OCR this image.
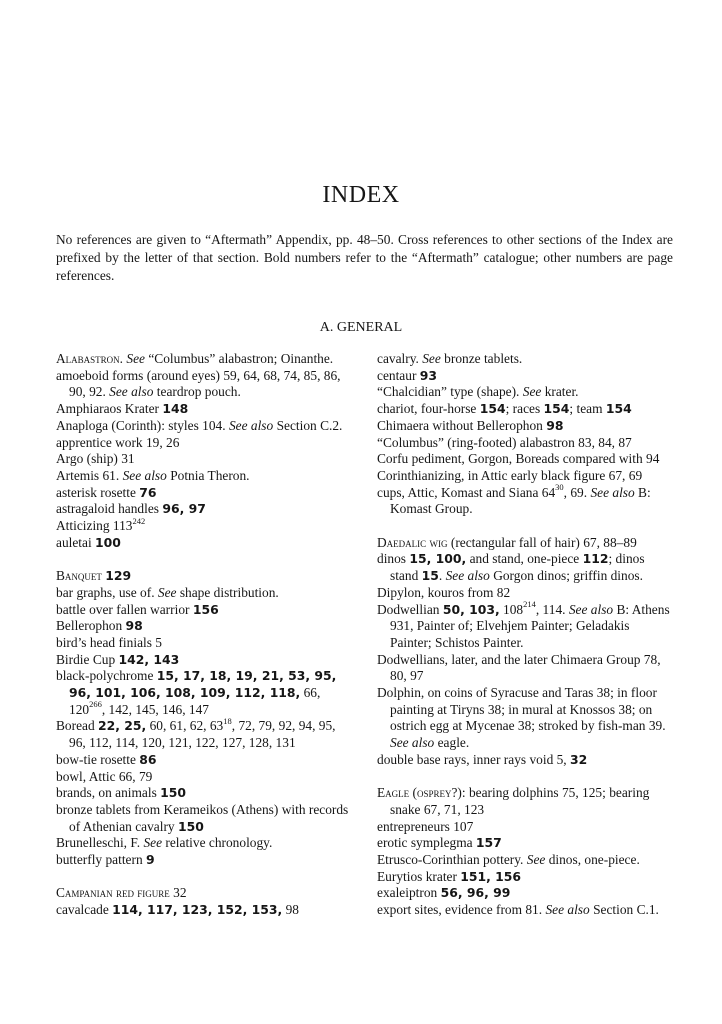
INDEX

No references are given to “Aftermath” Appendix, pp. 48–50. Cross references to other sections of the Index are prefixed by the letter of that section. Bold numbers refer to the “Aftermath” catalogue; other numbers are page references.

A. GENERAL
Alabastron. See “Columbus” alabastron; Oinanthe.
amoeboid forms (around eyes) 59, 64, 68, 74, 85, 86, 90, 92. See also teardrop pouch.
Amphiaraos Krater 148
Anaploga (Corinth): styles 104. See also Section C.2.
apprentice work 19, 26
Argo (ship) 31
Artemis 61. See also Potnia Theron.
asterisk rosette 76
astragaloid handles 96, 97
Atticizing $113^{242}$
auletai 100
Banquet 129
bar graphs, use of. See shape distribution.
battle over fallen warrior 156
Bellerophon 98
bird’s head finials 5
Birdie Cup 142, 143
black-polychrome 15, 17, 18, 19, 21, 53, 95, 96, 101, 106, 108, 109, 112, 118, 66, $120^{266}$, 142, 145, 146, 147
Boread 22, 25, 60, 61, 62, $63^{18}$, 72, 79, 92, 94, 95, 96, 112, 114, 120, 121, 122, 127, 128, 131
bow-tie rosette 86
bowl, Attic 66, 79
brands, on animals 150
bronze tablets from Kerameikos (Athens) with records of Athenian cavalry 150
Brunelleschi, F. See relative chronology.
butterfly pattern 9
Campanian red figure 32
cavalcade 114, 117, 123, 152, 153, 98
cavalry. See bronze tablets.
centaur 93
“Chalcidian” type (shape). See krater.
chariot, four-horse 154; races 154; team 154
Chimaera without Bellerophon 98
“Columbus” (ring-footed) alabastron 83, 84, 87
Corfu pediment, Gorgon, Boreads compared with 94
Corinthianizing, in Attic early black figure 67, 69
cups, Attic, Komast and Siana $64^{30}$, 69. See also B: Komast Group.
Daedalic wig (rectangular fall of hair) 67, 88–89
dinos 15, 100, and stand, one-piece 112; dinos stand 15. See also Gorgon dinos; griffin dinos.
Dipylon, kouros from 82
Dodwellian 50, 103, $108^{214}$, 114. See also B: Athens 931, Painter of; Elvehjem Painter; Geladakis Painter; Schistos Painter.
Dodwellians, later, and the later Chimaera Group 78, 80, 97
Dolphin, on coins of Syracuse and Taras 38; in floor painting at Tiryns 38; in mural at Knossos 38; on ostrich egg at Mycenae 38; stroked by fish-man 39. See also eagle.
double base rays, inner rays void 5, 32
Eagle (osprey?): bearing dolphins 75, 125; bearing snake 67, 71, 123
entrepreneurs 107
erotic symplegma 157
Etrusco-Corinthian pottery. See dinos, one-piece.
Eurytios krater 151, 156
exaleiptron 56, 96, 99
export sites, evidence from 81. See also Section C.1.
